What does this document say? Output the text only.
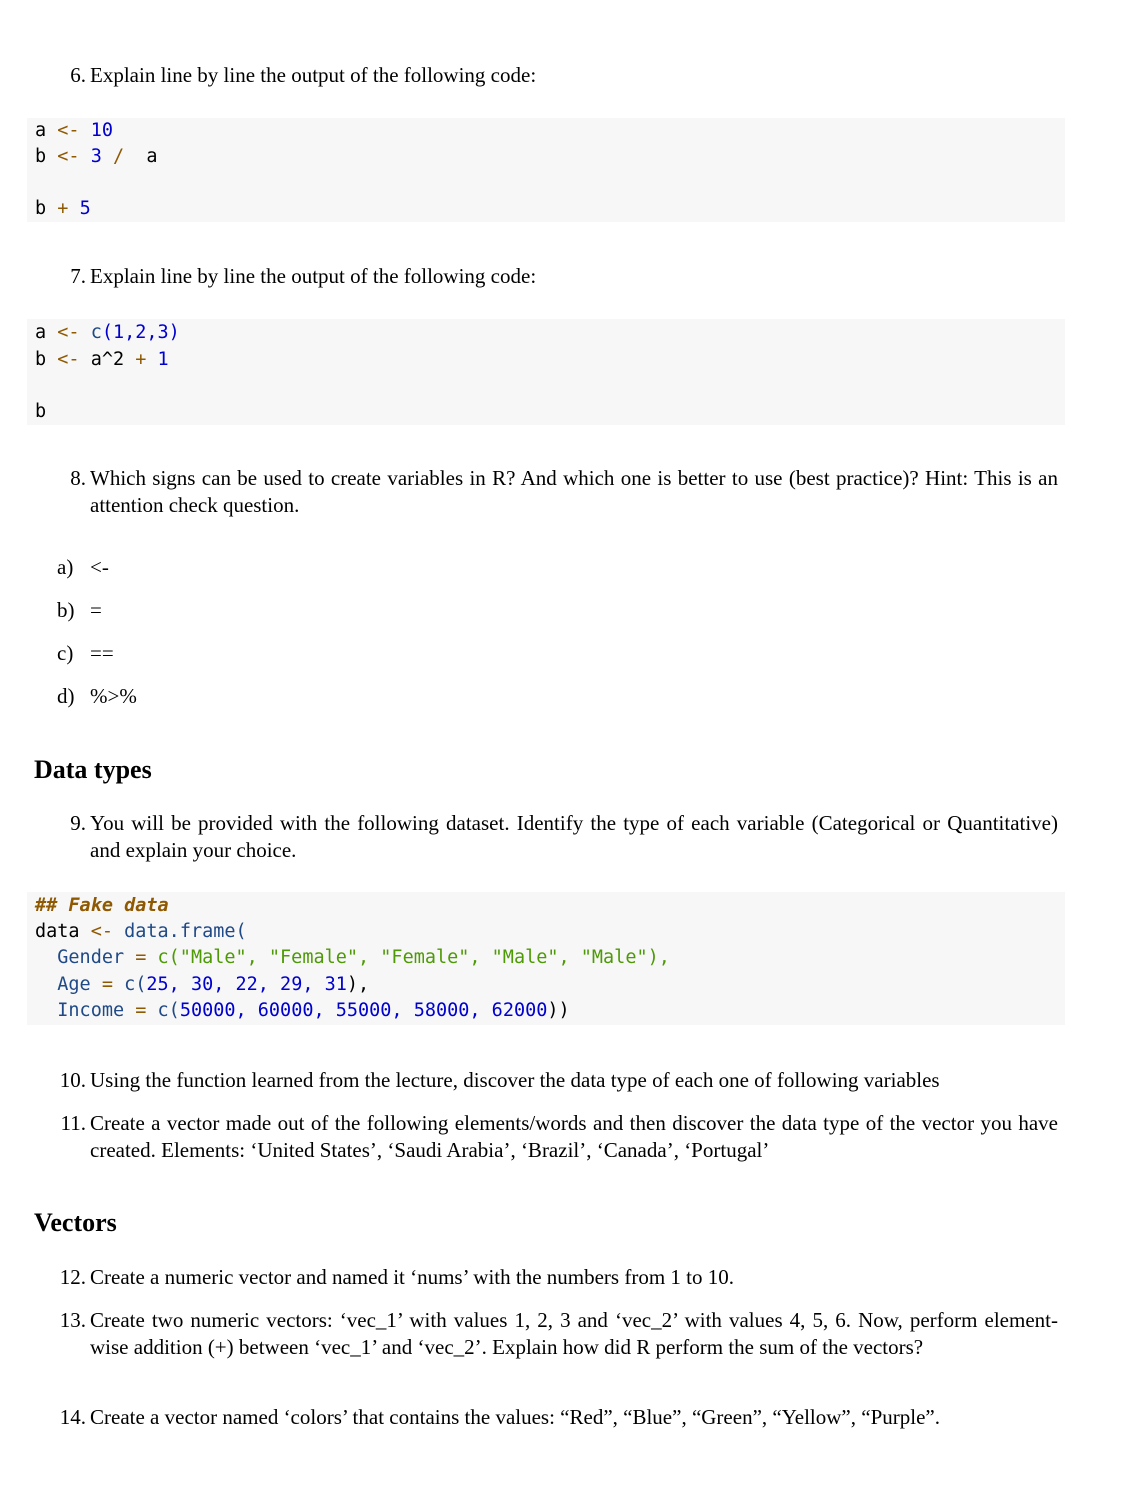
6. Explain line by line the output of the following code:
a <- 10
b <- 3 / a
b + 5
7. Explain line by line the output of the following code:
a <- c(1,2,3)
b <- a^2 + 1
b
8. Which signs can be used to create variables in R? And which one is better to use (best practice)? Hint: This is an attention check question.
a) <-
b) =
c) ==
d) %>%
Data types
9. You will be provided with the following dataset. Identify the type of each variable (Categorical or Quantitative) and explain your choice.
## Fake data
data <- data.frame(
Gender = c("Male", "Female", "Female", "Male", "Male"),
Age = c(25, 30, 22, 29, 31),
Income = c(50000, 60000, 55000, 58000, 62000))
10. Using the function learned from the lecture, discover the data type of each one of following variables
11. Create a vector made out of the following elements/words and then discover the data type of the vector you have created. Elements: ‘United States’, ‘Saudi Arabia’, ‘Brazil’, ‘Canada’, ‘Portugal’
Vectors
12. Create a numeric vector and named it ‘nums’ with the numbers from 1 to 10.
13. Create two numeric vectors: ‘vec_1’ with values 1, 2, 3 and ‘vec_2’ with values 4, 5, 6. Now, perform element-wise addition (+) between ‘vec_1’ and ‘vec_2’. Explain how did R perform the sum of the vectors?
14. Create a vector named ‘colors’ that contains the values: “Red”, “Blue”, “Green”, “Yellow”, “Purple”.
